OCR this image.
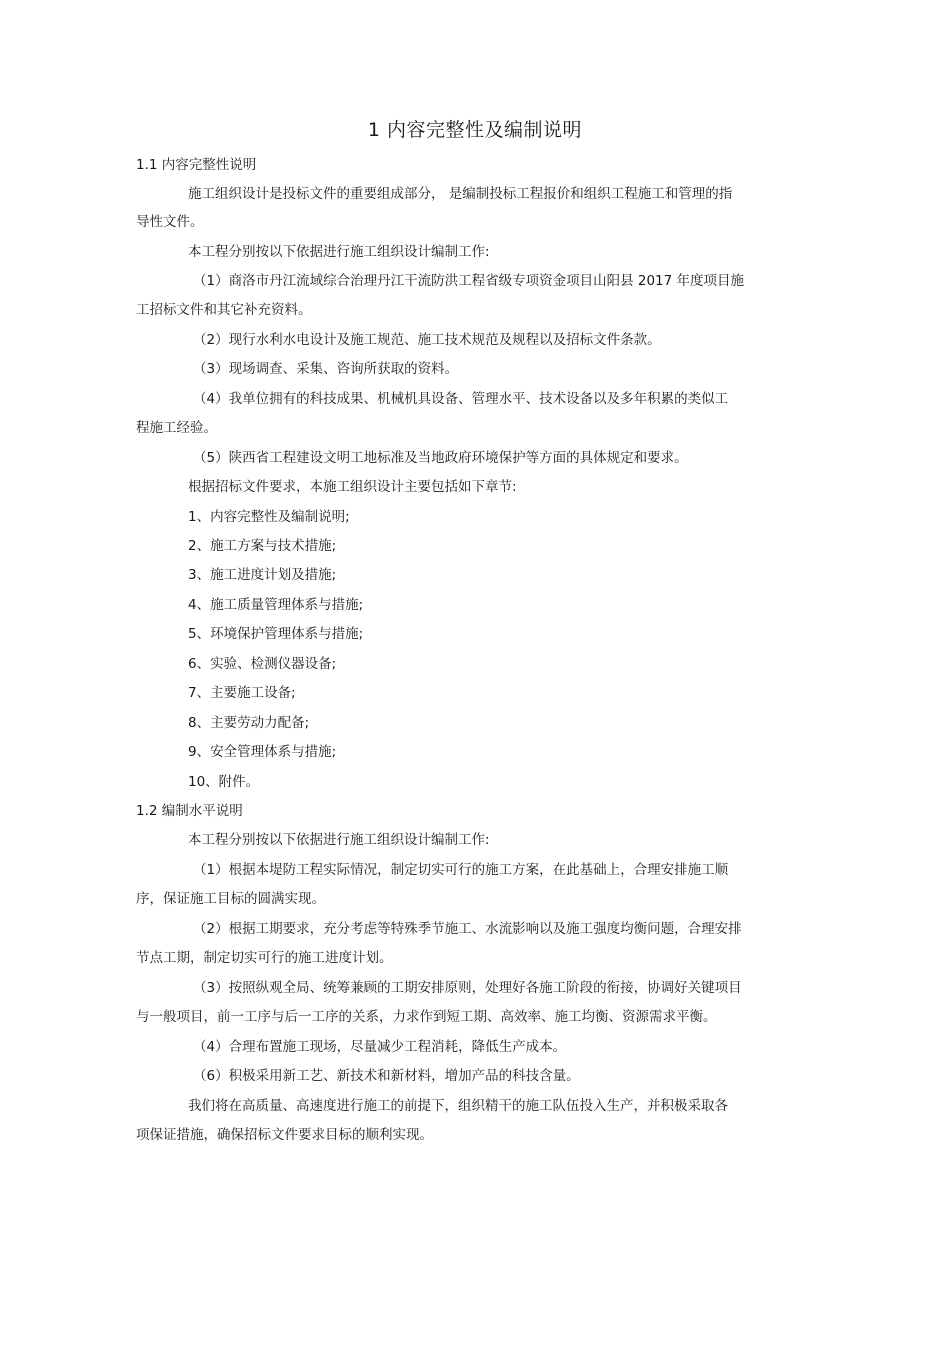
1 内容完整性及编制说明
1.1 内容完整性说明
施工组织设计是投标文件的重要组成部分， 是编制投标工程报价和组织工程施工和管理的指
导性文件。
本工程分别按以下依据进行施工组织设计编制工作:
（1）商洛市丹江流域综合治理丹江干流防洪工程省级专项资金项目山阳县 2017 年度项目施
工招标文件和其它补充资料。
（2）现行水利水电设计及施工规范、施工技术规范及规程以及招标文件条款。
（3）现场调查、采集、咨询所获取的资料。
（4）我单位拥有的科技成果、机械机具设备、管理水平、技术设备以及多年积累的类似工
程施工经验。
（5）陕西省工程建设文明工地标准及当地政府环境保护等方面的具体规定和要求。
根据招标文件要求，本施工组织设计主要包括如下章节:
1、内容完整性及编制说明;
2、施工方案与技术措施;
3、施工进度计划及措施;
4、施工质量管理体系与措施;
5、环境保护管理体系与措施;
6、实验、检测仪器设备;
7、主要施工设备;
8、主要劳动力配备;
9、安全管理体系与措施;
10、附件。
1.2 编制水平说明
本工程分别按以下依据进行施工组织设计编制工作:
（1）根据本堤防工程实际情况，制定切实可行的施工方案，在此基础上，合理安排施工顺
序，保证施工目标的圆满实现。
（2）根据工期要求，充分考虑等特殊季节施工、水流影响以及施工强度均衡问题，合理安排
节点工期，制定切实可行的施工进度计划。
（3）按照纵观全局、统筹兼顾的工期安排原则，处理好各施工阶段的衔接，协调好关键项目
与一般项目，前一工序与后一工序的关系，力求作到短工期、高效率、施工均衡、资源需求平衡。
（4）合理布置施工现场，尽量减少工程消耗，降低生产成本。
（6）积极采用新工艺、新技术和新材料，增加产品的科技含量。
我们将在高质量、高速度进行施工的前提下，组织精干的施工队伍投入生产，并积极采取各
项保证措施，确保招标文件要求目标的顺利实现。
